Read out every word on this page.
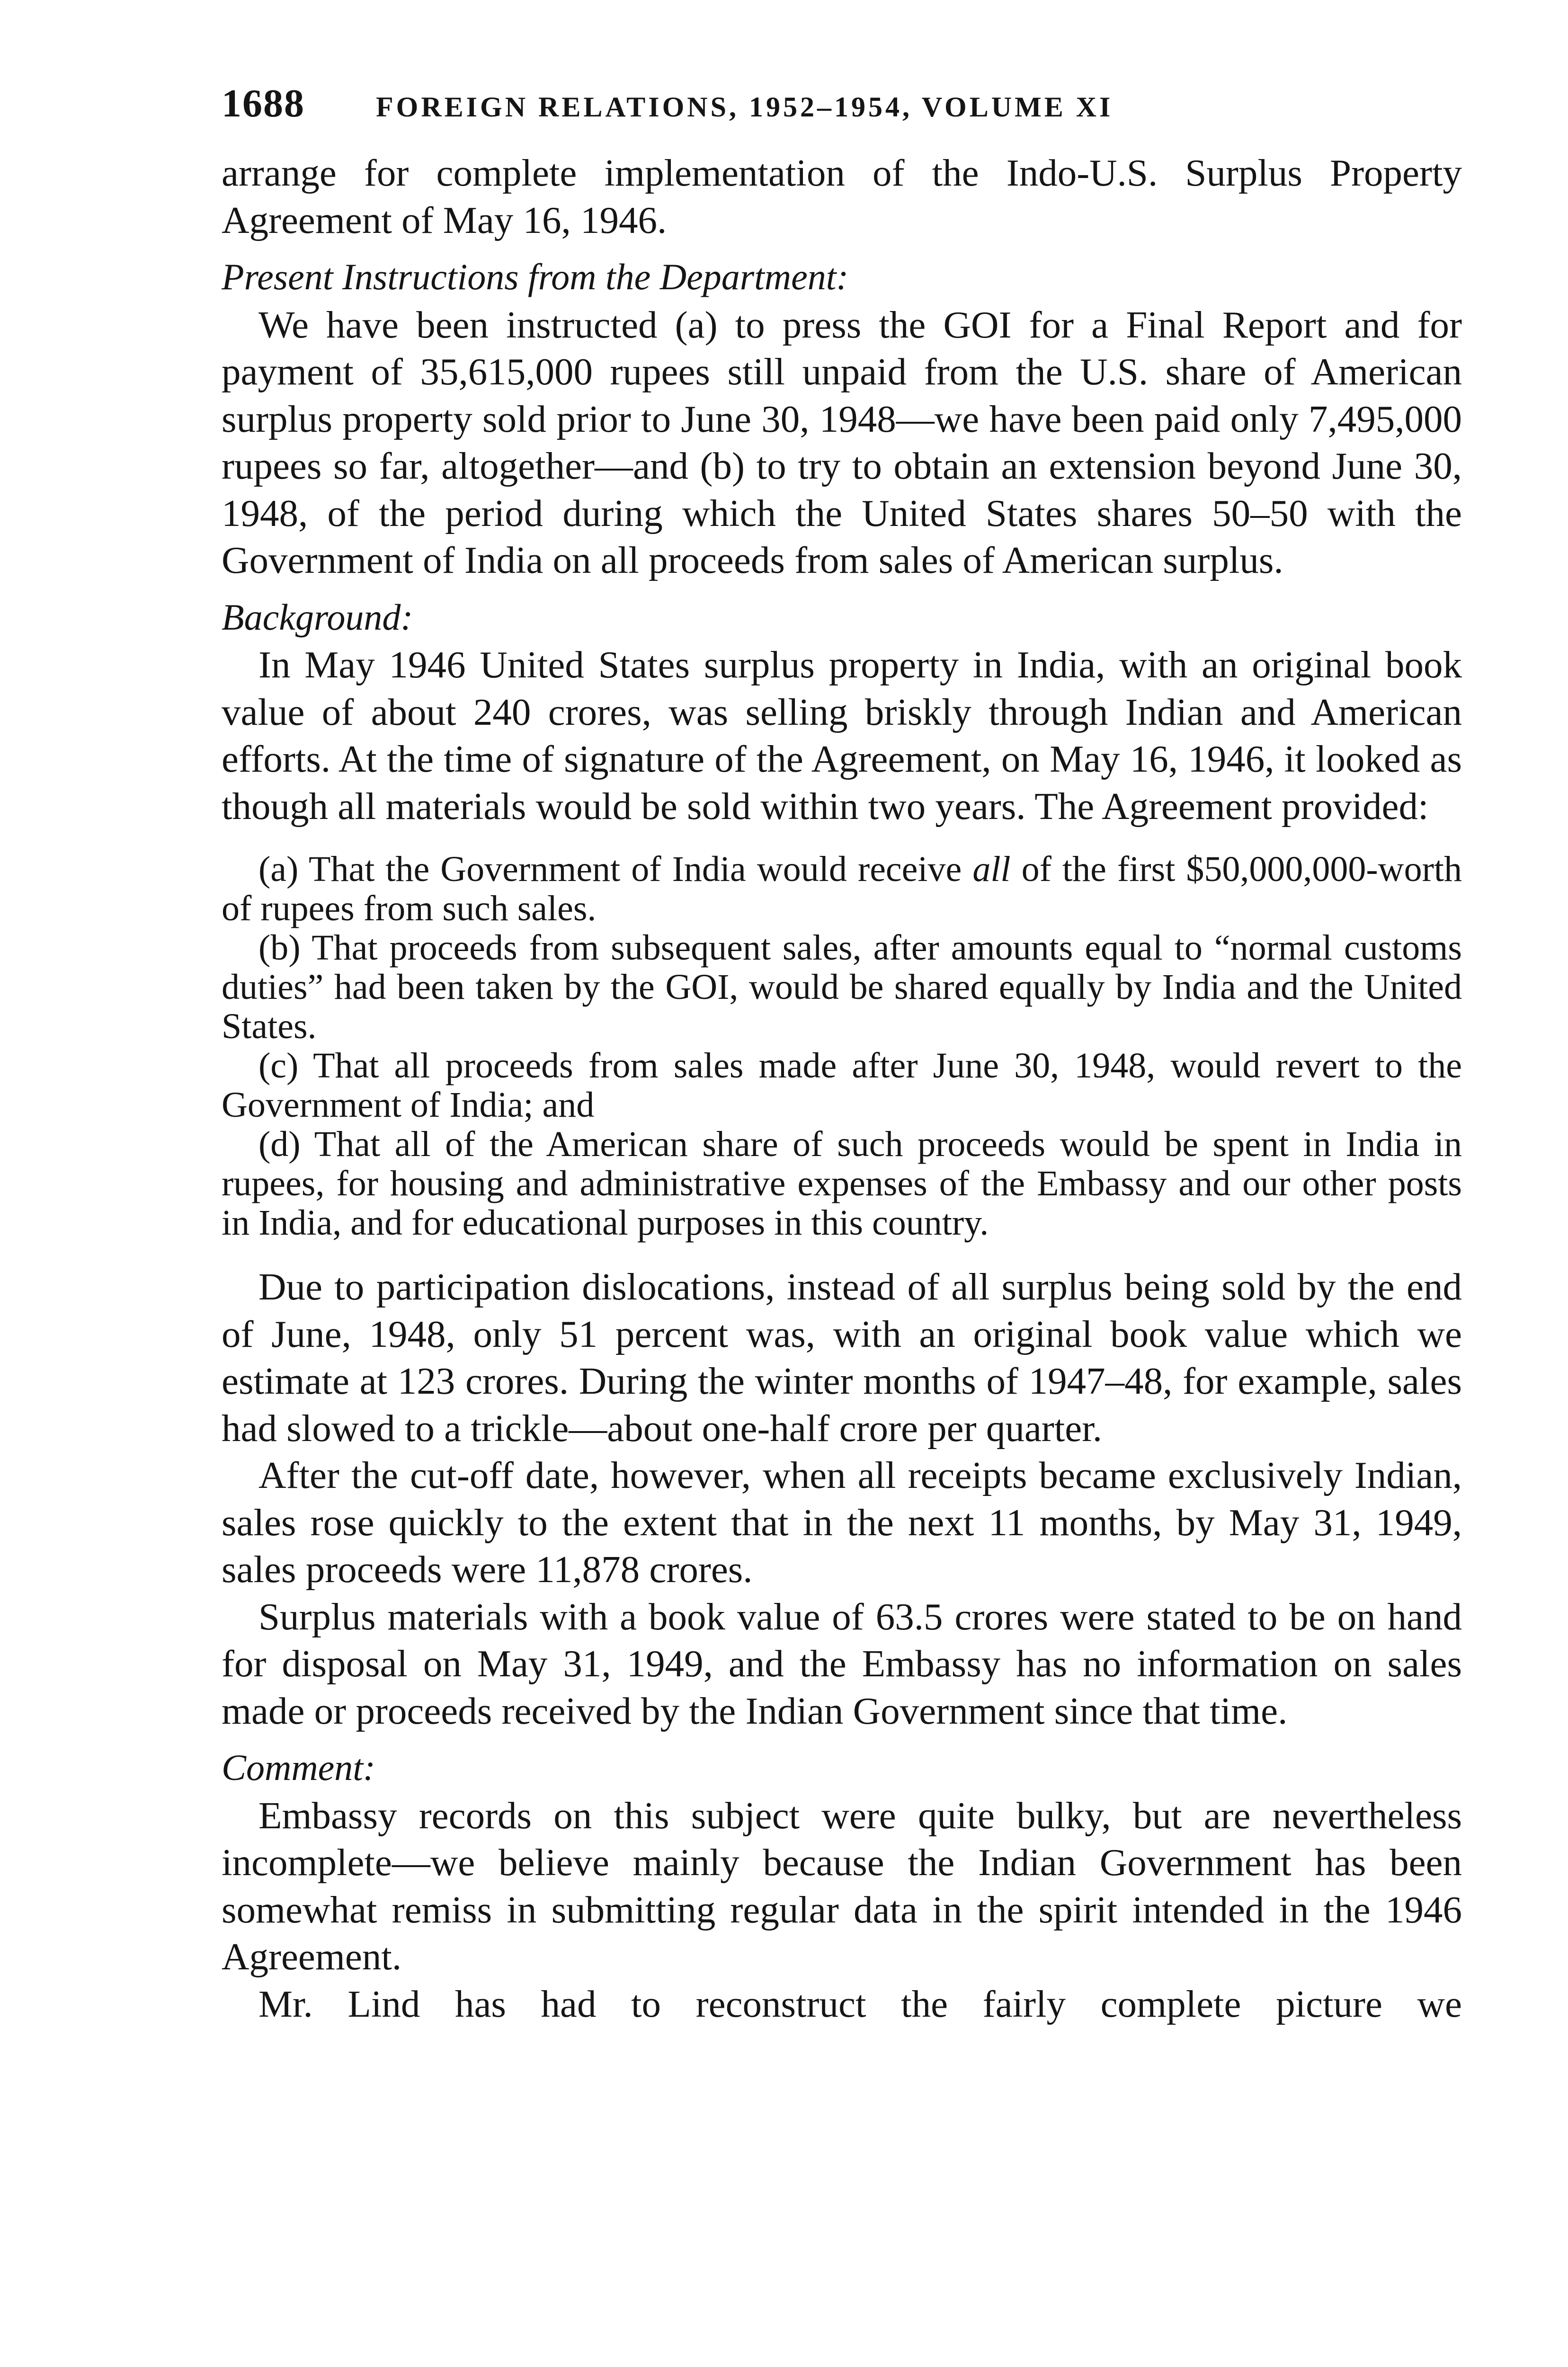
1688	FOREIGN RELATIONS, 1952–1954, VOLUME XI

arrange for complete implementation of the Indo-U.S. Surplus Property Agreement of May 16, 1946.

Present Instructions from the Department:

We have been instructed (a) to press the GOI for a Final Report and for payment of 35,615,000 rupees still unpaid from the U.S. share of American surplus property sold prior to June 30, 1948—we have been paid only 7,495,000 rupees so far, altogether—and (b) to try to obtain an extension beyond June 30, 1948, of the period during which the United States shares 50–50 with the Government of India on all proceeds from sales of American surplus.

Background:

In May 1946 United States surplus property in India, with an original book value of about 240 crores, was selling briskly through Indian and American efforts. At the time of signature of the Agreement, on May 16, 1946, it looked as though all materials would be sold within two years. The Agreement provided:

(a) That the Government of India would receive all of the first $50,000,000-worth of rupees from such sales.

(b) That proceeds from subsequent sales, after amounts equal to “normal customs duties” had been taken by the GOI, would be shared equally by India and the United States.

(c) That all proceeds from sales made after June 30, 1948, would revert to the Government of India; and

(d) That all of the American share of such proceeds would be spent in India in rupees, for housing and administrative expenses of the Embassy and our other posts in India, and for educational purposes in this country.

Due to participation dislocations, instead of all surplus being sold by the end of June, 1948, only 51 percent was, with an original book value which we estimate at 123 crores. During the winter months of 1947–48, for example, sales had slowed to a trickle—about one-half crore per quarter.

After the cut-off date, however, when all receipts became exclusively Indian, sales rose quickly to the extent that in the next 11 months, by May 31, 1949, sales proceeds were 11,878 crores.

Surplus materials with a book value of 63.5 crores were stated to be on hand for disposal on May 31, 1949, and the Embassy has no information on sales made or proceeds received by the Indian Government since that time.

Comment:

Embassy records on this subject were quite bulky, but are nevertheless incomplete—we believe mainly because the Indian Government has been somewhat remiss in submitting regular data in the spirit intended in the 1946 Agreement.

Mr. Lind has had to reconstruct the fairly complete picture we
